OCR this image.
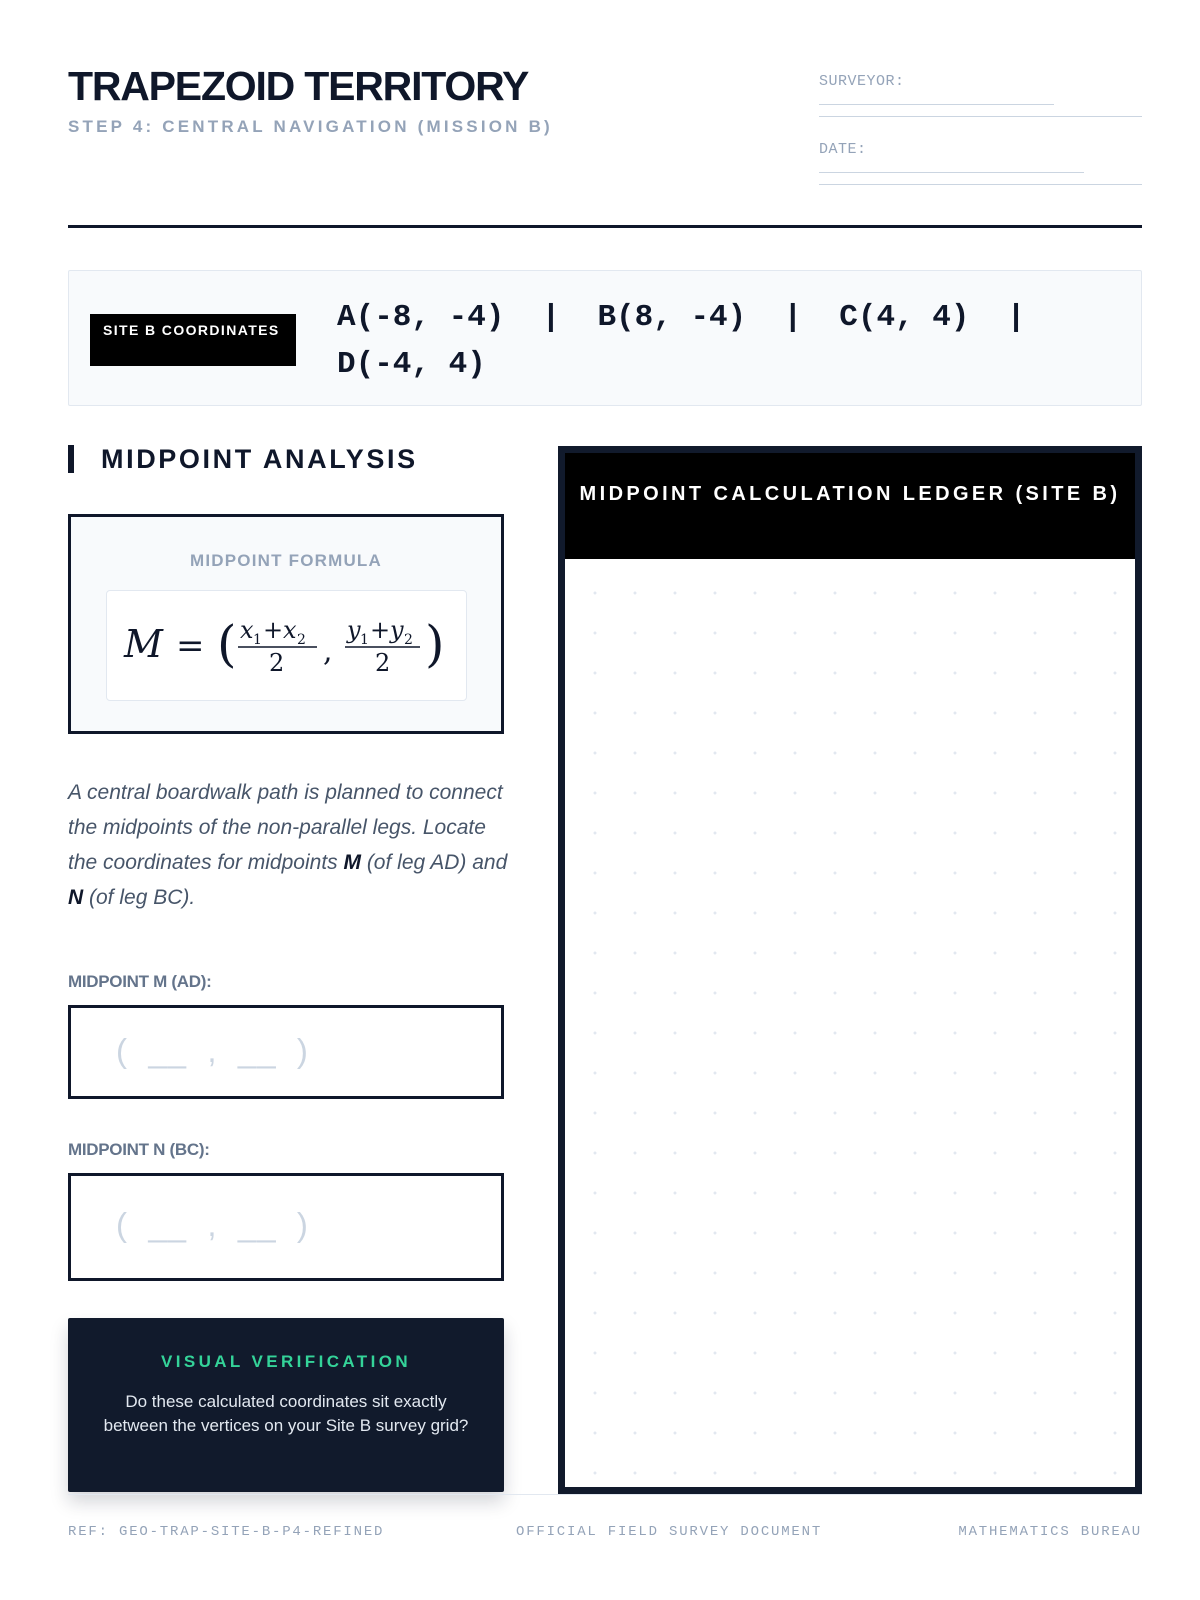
TRAPEZOID TERRITORY
STEP 4: CENTRAL NAVIGATION (MISSION B)
SURVEYOR:
DATE:
SITE B COORDINATES	A(-8, -4)  |  B(8, -4)  |  C(4, 4)  |  D(-4, 4)
MIDPOINT ANALYSIS
MIDPOINT FORMULA
M = ( x 1 + x 2
2 ,
y 1 + y 2
2 )

A central boardwalk path is planned to connect the midpoints of the non-parallel legs. Locate the coordinates for midpoints M (of leg AD) and N (of leg BC).

MIDPOINT M (AD):
(  __  ,  __  )
MIDPOINT N (BC):
(  __  ,  __  )
VISUAL VERIFICATION
Do these calculated coordinates sit exactly between the vertices on your Site B survey grid?
MIDPOINT CALCULATION LEDGER (SITE B)
REF: GEO-TRAP-SITE-B-P4-REFINED	OFFICIAL FIELD SURVEY DOCUMENT	MATHEMATICS BUREAU
